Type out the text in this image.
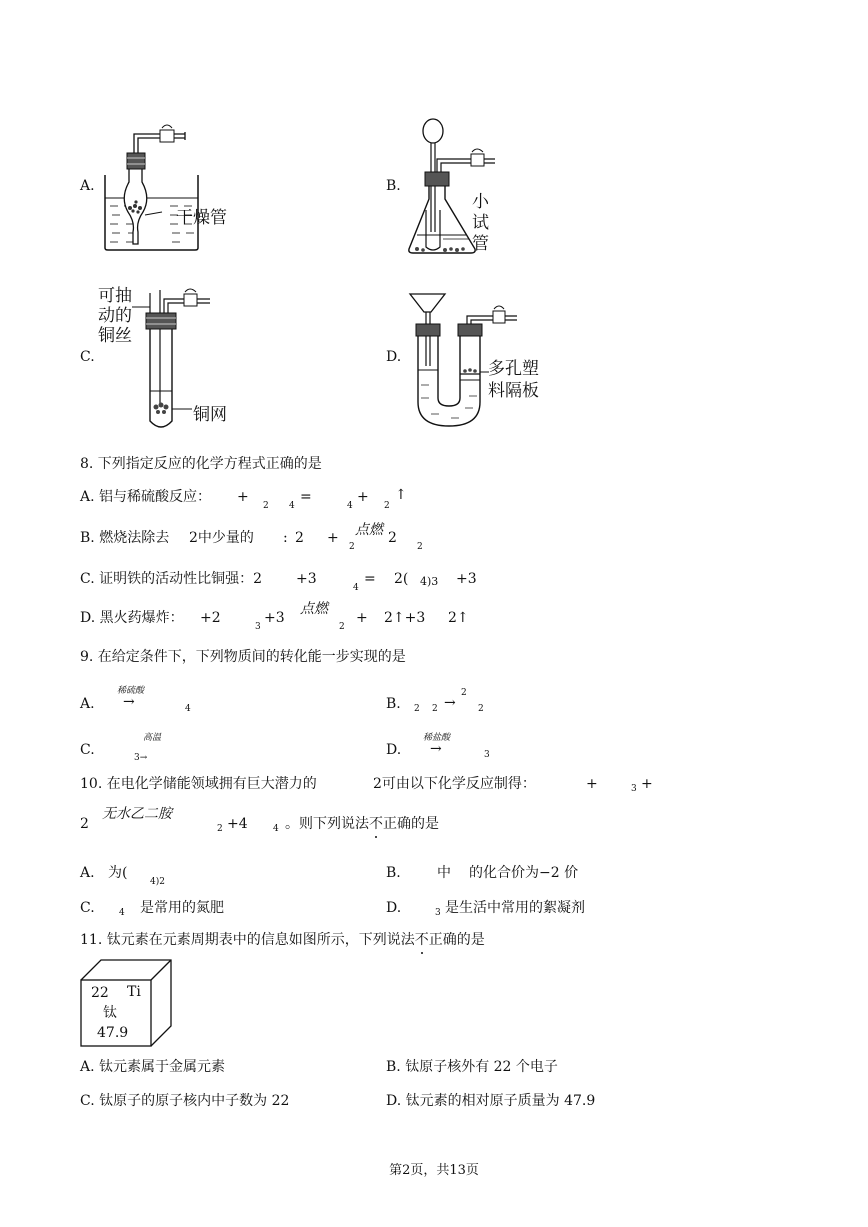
A.
干燥管
B.
小
试
管
C.
可抽
动的
铜丝
铜网
D.
多孔塑
料隔板
8. 下列指定反应的化学方程式正确的是
A. 铝与稀硫酸反应： +
2 4
=
4
+
2
↑
B. 燃烧法除去 2中少量的 : 2 +
2
点燃 2
2
C. 证明铁的活动性比铜强：2 +3
4
= 2( 4)3 +3
D. 黑火药爆炸： +2
3
+3
点燃
2
+ 2↑+3 2↑
9. 在给定条件下，下列物质间的转化能一步实现的是
A.
稀硫酸
→	4	B. 2 2 →
2
2
C.
高温
3→	D.
稀盐酸
→	3
10. 在电化学储能领域拥有巨大潜力的	2可由以下化学反应制得：	+	3 +
2
无水乙二胺
2 +4	4 。则下列说法不正确的是
A. 为(
4)2
B.	中 的化合价为−2 价
C.	4 是常用的氮肥	D.	3 是生活中常用的絮凝剂
11. 钛元素在元素周期表中的信息如图所示，下列说法不正确的是
22 Ti
钛
47.9
A. 钛元素属于金属元素	B. 钛原子核外有 22 个电子
C. 钛原子的原子核内中子数为 22	D. 钛元素的相对原子质量为 47.9
第2页，共13页
